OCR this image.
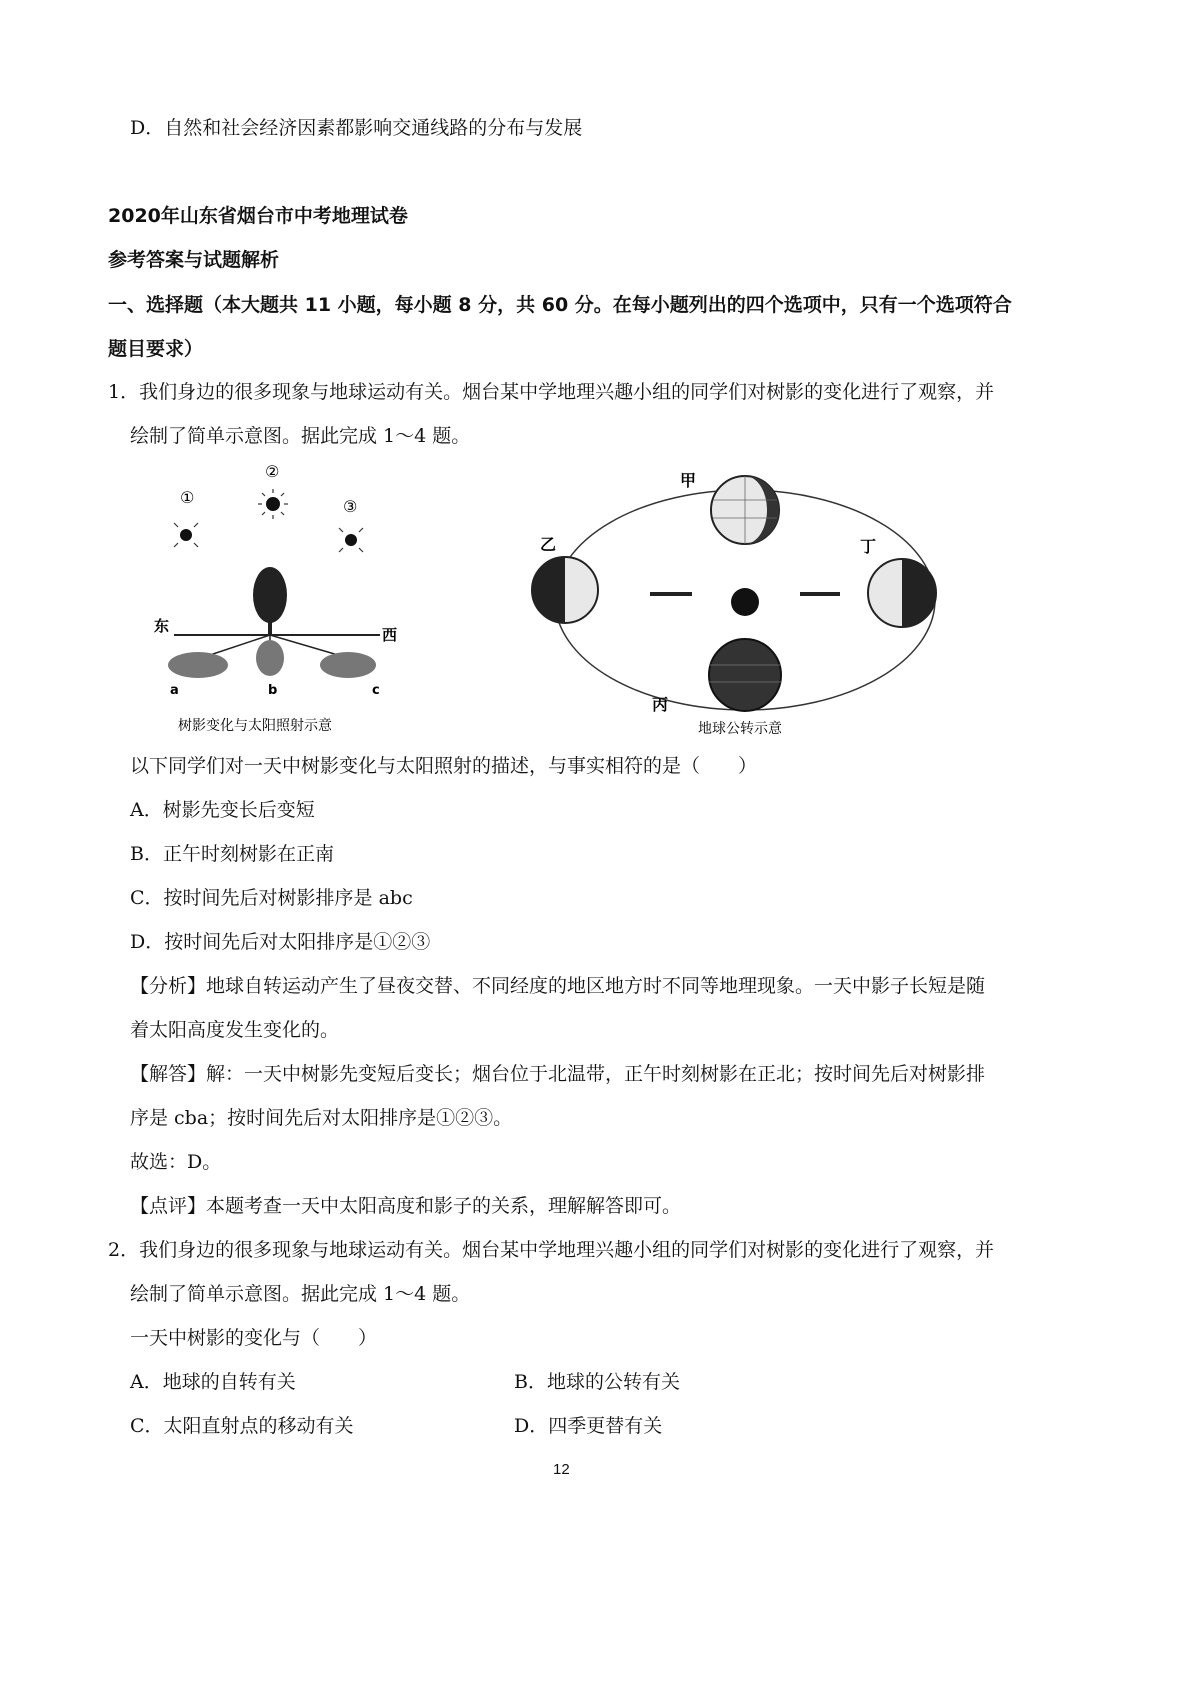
D．自然和社会经济因素都影响交通线路的分布与发展
2020年山东省烟台市中考地理试卷
参考答案与试题解析
一、选择题（本大题共 11 小题，每小题 8 分，共 60 分。在每小题列出的四个选项中，只有一个选项符合
题目要求）
1．我们身边的很多现象与地球运动有关。烟台某中学地理兴趣小组的同学们对树影的变化进行了观察，并
绘制了简单示意图。据此完成 1～4 题。
①
②
③
东	西
a	b	c
树影变化与太阳照射示意
甲
乙
丙
丁
地球公转示意
以下同学们对一天中树影变化与太阳照射的描述，与事实相符的是（　　）
A．树影先变长后变短
B．正午时刻树影在正南
C．按时间先后对树影排序是 abc
D．按时间先后对太阳排序是①②③
【分析】地球自转运动产生了昼夜交替、不同经度的地区地方时不同等地理现象。一天中影子长短是随
着太阳高度发生变化的。
【解答】解：一天中树影先变短后变长；烟台位于北温带，正午时刻树影在正北；按时间先后对树影排
序是 cba；按时间先后对太阳排序是①②③。
故选：D。
【点评】本题考查一天中太阳高度和影子的关系，理解解答即可。
2．我们身边的很多现象与地球运动有关。烟台某中学地理兴趣小组的同学们对树影的变化进行了观察，并
绘制了简单示意图。据此完成 1～4 题。
一天中树影的变化与（　　）
A．地球的自转有关	B．地球的公转有关
C．太阳直射点的移动有关	D．四季更替有关
12
